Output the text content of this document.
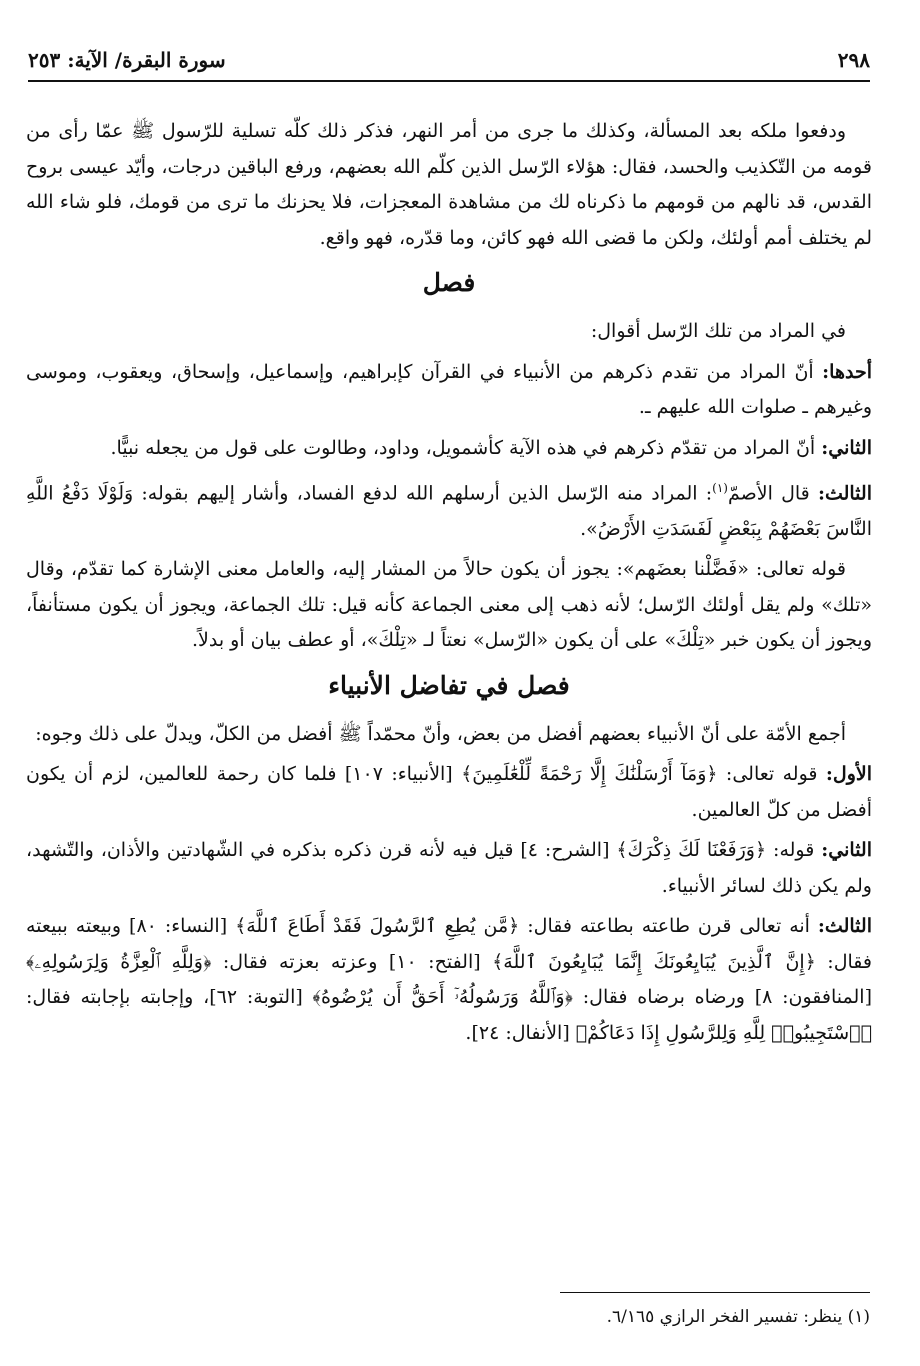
٢٩٨
سورة البقرة/ الآية: ٢٥٣

ودفعوا ملكه بعد المسألة، وكذلك ما جرى من أمر النهر، فذكر ذلك كلّه تسلية للرّسول ﷺ عمّا رأى من قومه من التّكذيب والحسد، فقال: هؤلاء الرّسل الذين كلّم الله بعضهم، ورفع الباقين درجات، وأيّد عيسى بروح القدس، قد نالهم من قومهم ما ذكرناه لك من مشاهدة المعجزات، فلا يحزنك ما ترى من قومك، فلو شاء الله لم يختلف أمم أولئك، ولكن ما قضى الله فهو كائن، وما قدّره، فهو واقع.

فصل

في المراد من تلك الرّسل أقوال:

أحدها: أنّ المراد من تقدم ذكرهم من الأنبياء في القرآن كإبراهيم، وإسماعيل، وإسحاق، ويعقوب، وموسى وغيرهم ـ صلوات الله عليهم ـ.

الثاني: أنّ المراد من تقدّم ذكرهم في هذه الآية كأشمويل، وداود، وطالوت على قول من يجعله نبيًّا.

الثالث: قال الأصمّ$^{(١)}$: المراد منه الرّسل الذين أرسلهم الله لدفع الفساد، وأشار إليهم بقوله: وَلَوْلَا دَفْعُ اللَّهِ النَّاسَ بَعْضَهُمْ بِبَعْضٍ لَفَسَدَتِ الأَرْضُ».

قوله تعالى: «فَضَّلْنا بعضَهم»: يجوز أن يكون حالاً من المشار إليه، والعامل معنى الإشارة كما تقدّم، وقال «تلك» ولم يقل أولئك الرّسل؛ لأنه ذهب إلى معنى الجماعة كأنه قيل: تلك الجماعة، ويجوز أن يكون مستأنفاً، ويجوز أن يكون خبر «تِلْكَ» على أن يكون «الرّسل» نعتاً لـ «تِلْكَ»، أو عطف بيان أو بدلاً.

فصل في تفاضل الأنبياء

أجمع الأمّة على أنّ الأنبياء بعضهم أفضل من بعض، وأنّ محمّداً ﷺ أفضل من الكلّ، ويدلّ على ذلك وجوه:

الأول: قوله تعالى: ﴿وَمَآ أَرْسَلْنَٰكَ إِلَّا رَحْمَةً لِّلْعَٰلَمِينَ﴾ [الأنبياء: ١٠٧] فلما كان رحمة للعالمين، لزم أن يكون أفضل من كلّ العالمين.

الثاني: قوله: ﴿وَرَفَعْنَا لَكَ ذِكْرَكَ﴾ [الشرح: ٤] قيل فيه لأنه قرن ذكره بذكره في الشّهادتين والأذان، والتّشهد، ولم يكن ذلك لسائر الأنبياء.

الثالث: أنه تعالى قرن طاعته بطاعته فقال: ﴿مَّن يُطِعِ ٱلرَّسُولَ فَقَدْ أَطَاعَ ٱللَّهَ﴾ [النساء: ٨٠] وبيعته ببيعته فقال: ﴿إِنَّ ٱلَّذِينَ يُبَايِعُونَكَ إِنَّمَا يُبَايِعُونَ ٱللَّهَ﴾ [الفتح: ١٠] وعزته بعزته فقال: ﴿وَلِلَّهِ ٱلْعِزَّةُ وَلِرَسُولِهِۦ﴾ [المنافقون: ٨] ورضاه برضاه فقال: ﴿وَٱللَّهُ وَرَسُولُهُۥٓ أَحَقُّ أَن يُرْضُوهُ﴾ [التوبة: ٦٢]، وإجابته بإجابته فقال: ﴿ٱسْتَجِيبُوا۟ لِلَّهِ وَلِلرَّسُولِ إِذَا دَعَاكُمْ﴾ [الأنفال: ٢٤].

(١) ينظر: تفسير الفخر الرازي ٦/١٦٥.
